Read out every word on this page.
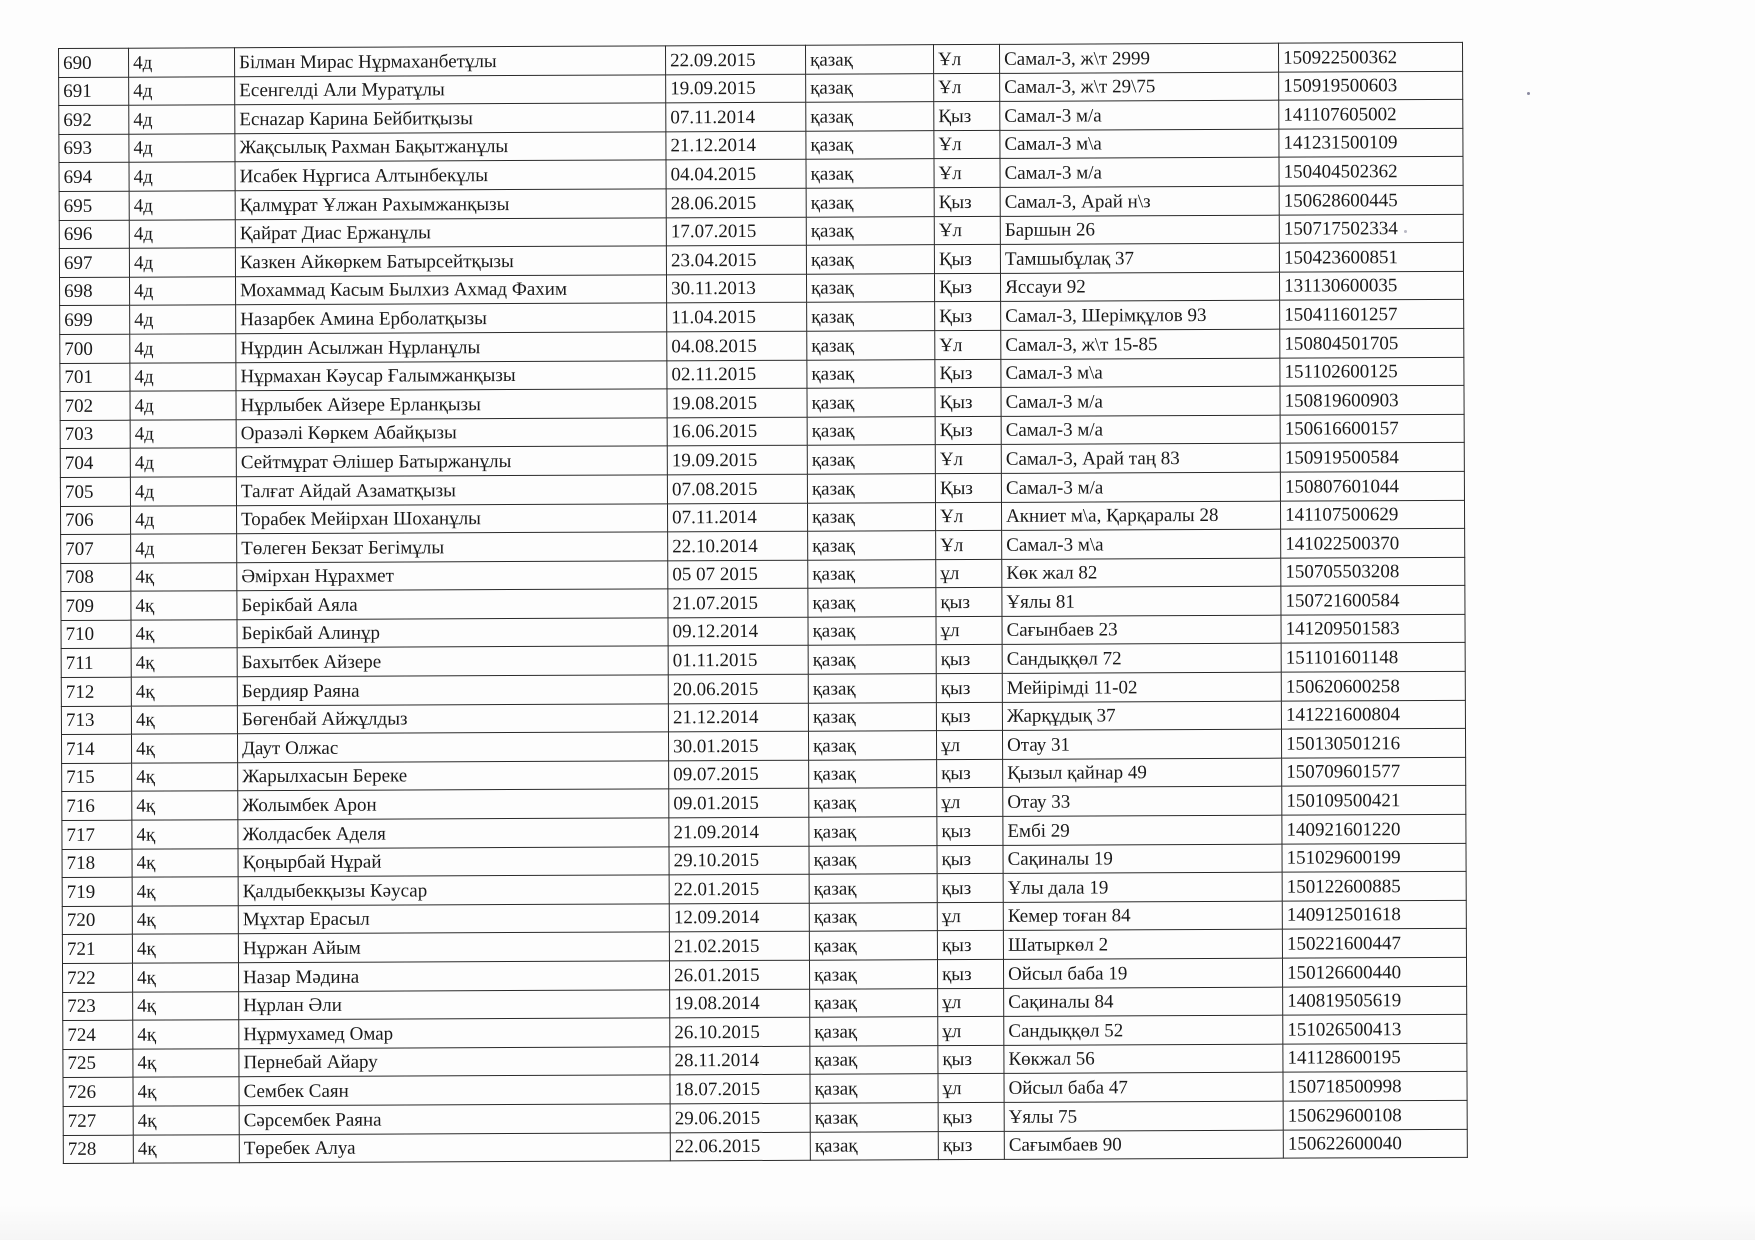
690	4д	Білман Мирас Нұрмаханбетұлы	22.09.2015	қазақ	Ұл	Самал-3, ж\т 2999	150922500362
691	4д	Есенгелді Али Муратұлы	19.09.2015	қазақ	Ұл	Самал-3, ж\т 29\75	150919500603
692	4д	Еснazap Карина Бейбитқызы	07.11.2014	қазақ	Қыз	Самал-3 м/а	141107605002
693	4д	Жақсылық Рахман Бақытжанұлы	21.12.2014	қазақ	Ұл	Самал-3 м\а	141231500109
694	4д	Исабек Нұргиса Алтынбекұлы	04.04.2015	қазақ	Ұл	Самал-3 м/а	150404502362
695	4д	Қалмұрат Ұлжан Рахымжанқызы	28.06.2015	қазақ	Қыз	Самал-3, Арай н\з	150628600445
696	4д	Қайрат Диас Ержанұлы	17.07.2015	қазақ	Ұл	Баршын 26	150717502334
697	4д	Казкен Айкөркем Батырсейтқызы	23.04.2015	қазақ	Қыз	Тамшыбұлақ 37	150423600851
698	4д	Мохаммад Касым Былхиз Ахмад Фахим	30.11.2013	қазақ	Қыз	Яссауи 92	131130600035
699	4д	Назарбек Амина Ерболатқызы	11.04.2015	қазақ	Қыз	Самал-3, Шерімқұлов 93	150411601257
700	4д	Нұрдин Асылжан Нұрланұлы	04.08.2015	қазақ	Ұл	Самал-3, ж\т 15-85	150804501705
701	4д	Нұрмахан Кәусар Ғалымжанқызы	02.11.2015	қазақ	Қыз	Самал-3 м\а	151102600125
702	4д	Нұрлыбек Айзере Ерланқызы	19.08.2015	қазақ	Қыз	Самал-3 м/а	150819600903
703	4д	Оразәлі Көркем Абайқызы	16.06.2015	қазақ	Қыз	Самал-3 м/а	150616600157
704	4д	Сейтмұрат Әлішер Батыржанұлы	19.09.2015	қазақ	Ұл	Самал-3, Арай таң 83	150919500584
705	4д	Талғат Айдай Азаматқызы	07.08.2015	қазақ	Қыз	Самал-3 м/а	150807601044
706	4д	Торабек Мейірхан Шоханұлы	07.11.2014	қазақ	Ұл	Акниет м\а, Қарқаралы 28	141107500629
707	4д	Төлеген Бекзат Бегімұлы	22.10.2014	қазақ	Ұл	Самал-3 м\а	141022500370
708	4қ	Әмірхан Нұрахмет	05 07 2015	қазақ	ұл	Көк жал 82	150705503208
709	4қ	Берікбай Аяла	21.07.2015	қазақ	қыз	Ұялы 81	150721600584
710	4қ	Берікбай Алинұр	09.12.2014	қазақ	ұл	Сағынбаев 23	141209501583
711	4қ	Бахытбек Айзере	01.11.2015	қазақ	қыз	Сандыққөл 72	151101601148
712	4қ	Бердияр Раяна	20.06.2015	қазақ	қыз	Мейірімді 11-02	150620600258
713	4қ	Бөгенбай Айжұлдыз	21.12.2014	қазақ	қыз	Жарқұдық 37	141221600804
714	4қ	Даут Олжас	30.01.2015	қазақ	ұл	Отау 31	150130501216
715	4қ	Жарылхасын Береке	09.07.2015	қазақ	қыз	Қызыл қайнар 49	150709601577
716	4қ	Жолымбек Арон	09.01.2015	қазақ	ұл	Отау 33	150109500421
717	4қ	Жолдасбек Аделя	21.09.2014	қазақ	қыз	Ембі 29	140921601220
718	4қ	Қоңырбай Нұрай	29.10.2015	қазақ	қыз	Сақиналы 19	151029600199
719	4қ	Қалдыбекқызы Кәусар	22.01.2015	қазақ	қыз	Ұлы дала 19	150122600885
720	4қ	Мұхтар Ерасыл	12.09.2014	қазақ	ұл	Кемер тоған 84	140912501618
721	4қ	Нұржан Айым	21.02.2015	қазақ	қыз	Шатыркөл 2	150221600447
722	4қ	Назар Мәдина	26.01.2015	қазақ	қыз	Ойсыл баба 19	150126600440
723	4қ	Нұрлан Әли	19.08.2014	қазақ	ұл	Сақиналы 84	140819505619
724	4қ	Нұрмухамед Омар	26.10.2015	қазақ	ұл	Сандыққөл 52	151026500413
725	4қ	Пернебай Айару	28.11.2014	қазақ	қыз	Көкжал 56	141128600195
726	4қ	Сембек Саян	18.07.2015	қазақ	ұл	Ойсыл баба 47	150718500998
727	4қ	Сәрсембек Раяна	29.06.2015	қазақ	қыз	Ұялы 75	150629600108
728	4қ	Төребек Алуа	22.06.2015	қазақ	қыз	Сағымбаев 90	150622600040
